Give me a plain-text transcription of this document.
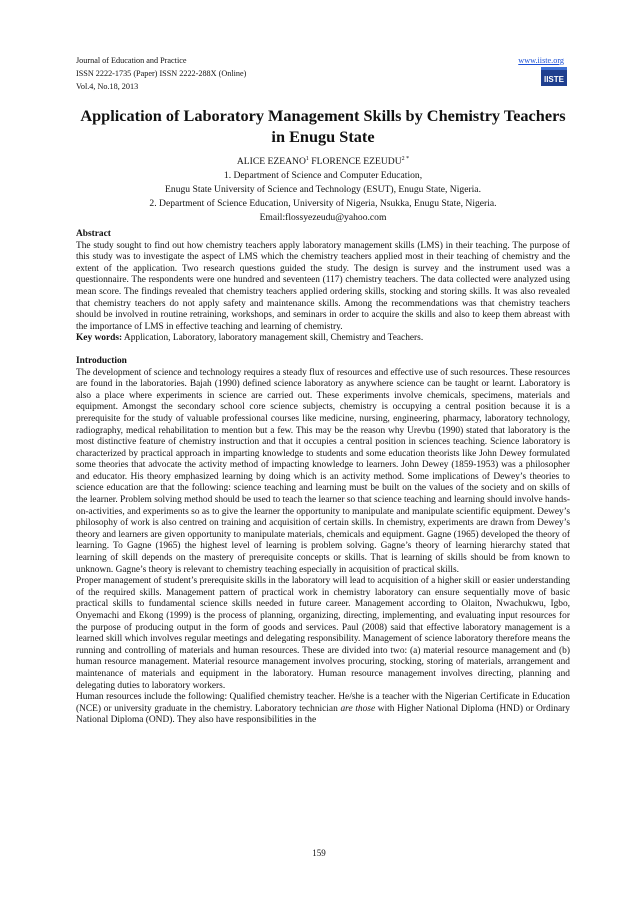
Journal of Education and Practice
ISSN 2222-1735 (Paper) ISSN 2222-288X (Online)
Vol.4, No.18, 2013
www.iiste.org
IISTE
Application of Laboratory Management Skills by Chemistry Teachers in Enugu State
ALICE EZEANO$^1$ FLORENCE $EZEUDU^{2 *}$
1. Department of Science and Computer Education,
Enugu State University of Science and Technology (ESUT), Enugu State, Nigeria.
2. Department of Science Education, University of Nigeria, Nsukka, Enugu State, Nigeria.
Email:flossyezeudu@yahoo.com

Abstract

The study sought to find out how chemistry teachers apply laboratory management skills (LMS) in their teaching. The purpose of this study was to investigate the aspect of LMS which the chemistry teachers applied most in their teaching of chemistry and the extent of the application. Two research questions guided the study. The design is survey and the instrument used was a questionnaire. The respondents were one hundred and seventeen (117) chemistry teachers. The data collected were analyzed using mean score. The findings revealed that chemistry teachers applied ordering skills, stocking and storing skills. It was also revealed that chemistry teachers do not apply safety and maintenance skills. Among the recommendations was that chemistry teachers should be involved in routine retraining, workshops, and seminars in order to acquire the skills and also to keep them abreast with the importance of LMS in effective teaching and learning of chemistry.

Key words: Application, Laboratory, laboratory management skill, Chemistry and Teachers.

Introduction

The development of science and technology requires a steady flux of resources and effective use of such resources. These resources are found in the laboratories. Bajah (1990) defined science laboratory as anywhere science can be taught or learnt. Laboratory is also a place where experiments in science are carried out. These experiments involve chemicals, specimens, materials and equipment. Amongst the secondary school core science subjects, chemistry is occupying a central position because it is a prerequisite for the study of valuable professional courses like medicine, nursing, engineering, pharmacy, laboratory technology, radiography, medical rehabilitation to mention but a few. This may be the reason why Urevbu (1990) stated that laboratory is the most distinctive feature of chemistry instruction and that it occupies a central position in sciences teaching. Science laboratory is characterized by practical approach in imparting knowledge to students and some education theorists like John Dewey formulated some theories that advocate the activity method of impacting knowledge to learners. John Dewey (1859-1953) was a philosopher and educator. His theory emphasized learning by doing which is an activity method. Some implications of Dewey’s theories to science education are that the following: science teaching and learning must be built on the values of the society and on skills of the learner. Problem solving method should be used to teach the learner so that science teaching and learning should involve hands-on-activities, and experiments so as to give the learner the opportunity to manipulate and manipulate scientific equipment. Dewey’s philosophy of work is also centred on training and acquisition of certain skills. In chemistry, experiments are drawn from Dewey’s theory and learners are given opportunity to manipulate materials, chemicals and equipment. Gagne (1965) developed the theory of learning. To Gagne (1965) the highest level of learning is problem solving. Gagne’s theory of learning hierarchy stated that learning of skill depends on the mastery of prerequisite concepts or skills. That is learning of skills should be from known to unknown. Gagne’s theory is relevant to chemistry teaching especially in acquisition of practical skills.

Proper management of student’s prerequisite skills in the laboratory will lead to acquisition of a higher skill or easier understanding of the required skills. Management pattern of practical work in chemistry laboratory can ensure sequentially move of basic practical skills to fundamental science skills needed in future career. Management according to Olaiton, Nwachukwu, Igbo, Onyemachi and Ekong (1999) is the process of planning, organizing, directing, implementing, and evaluating input resources for the purpose of producing output in the form of goods and services. Paul (2008) said that effective laboratory management is a learned skill which involves regular meetings and delegating responsibility. Management of science laboratory therefore means the running and controlling of materials and human resources. These are divided into two: (a) material resource management and (b) human resource management. Material resource management involves procuring, stocking, storing of materials, arrangement and maintenance of materials and equipment in the laboratory. Human resource management involves directing, planning and delegating duties to laboratory workers.

Human resources include the following: Qualified chemistry teacher. He/she is a teacher with the Nigerian Certificate in Education (NCE) or university graduate in the chemistry. Laboratory technician are those with Higher National Diploma (HND) or Ordinary National Diploma (OND). They also have responsibilities in the

159
